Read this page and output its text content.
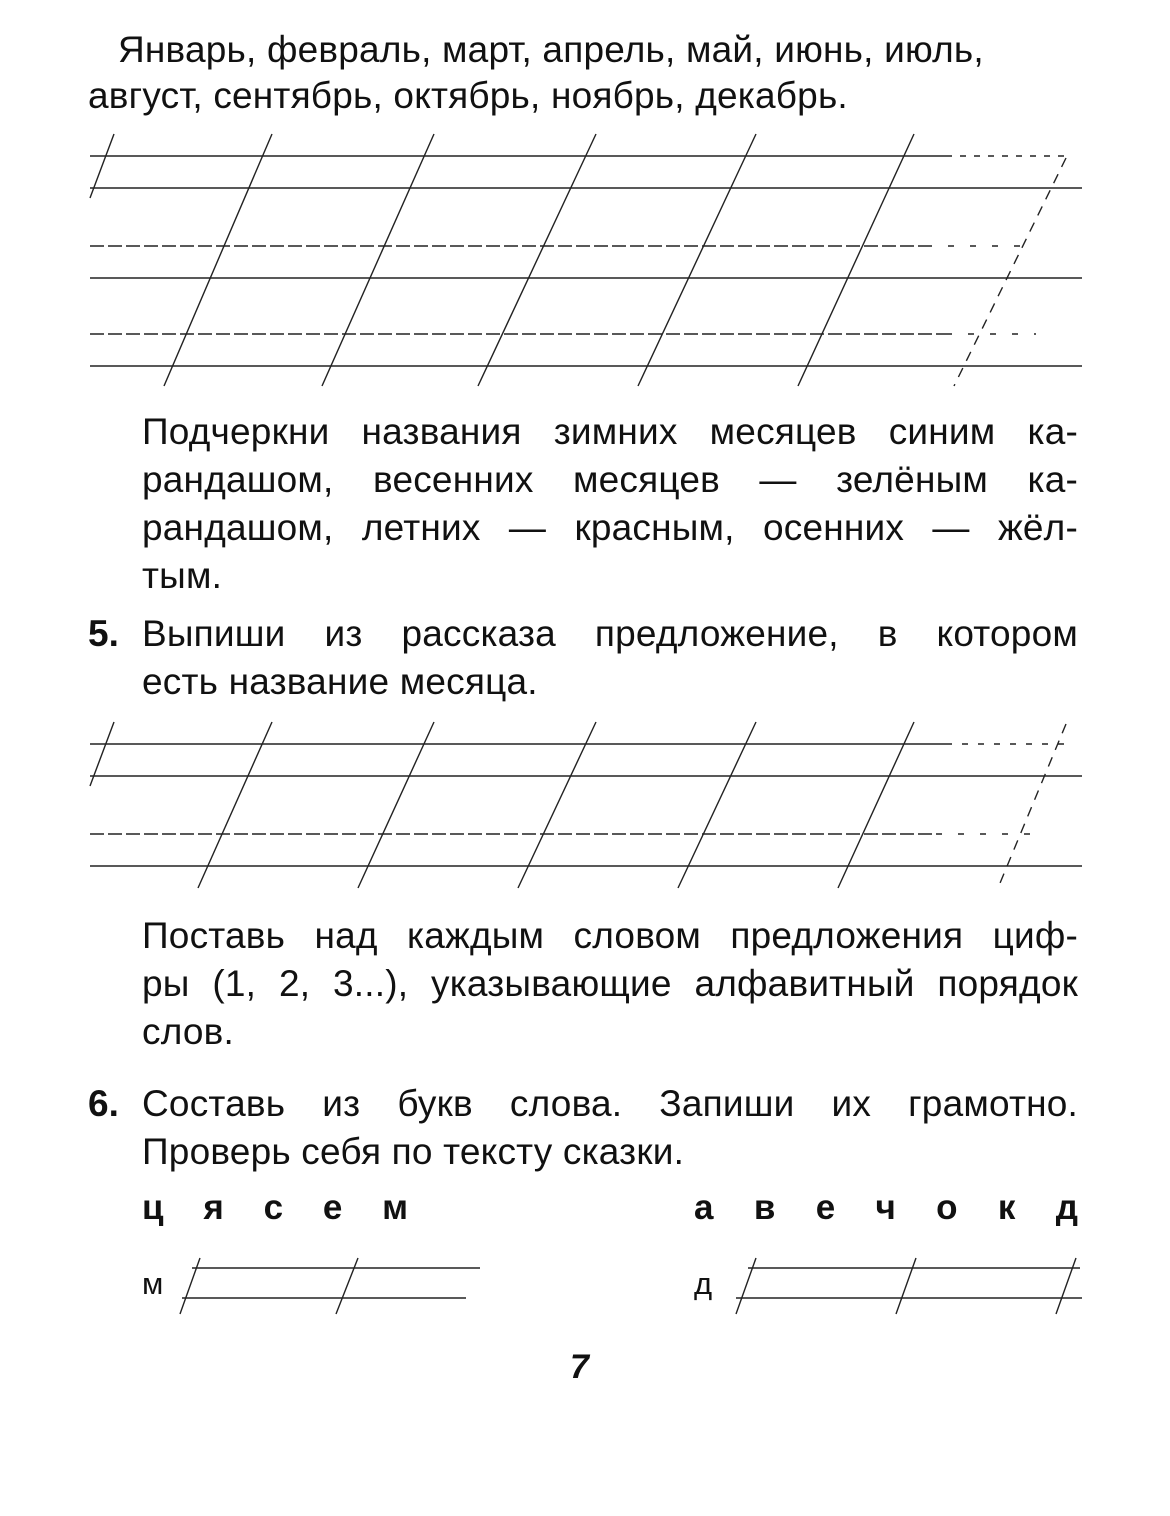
Январь, февраль, март, апрель, май, июнь, июль,
август, сентябрь, октябрь, ноябрь, декабрь.
Подчеркни названия зимних месяцев синим ка-
рандашом, весенних месяцев — зелёным ка-
рандашом, летних — красным, осенних — жёл-
тым.
5. Выпиши из рассказа предложение, в котором
есть название месяца.
Поставь над каждым словом предложения циф-
ры (1, 2, 3...), указывающие алфавитный порядок
слов.
6. Составь из букв слова. Запиши их грамотно.
Проверь себя по тексту сказки.
ц я с е м	а в е ч о к д
м	д
7
